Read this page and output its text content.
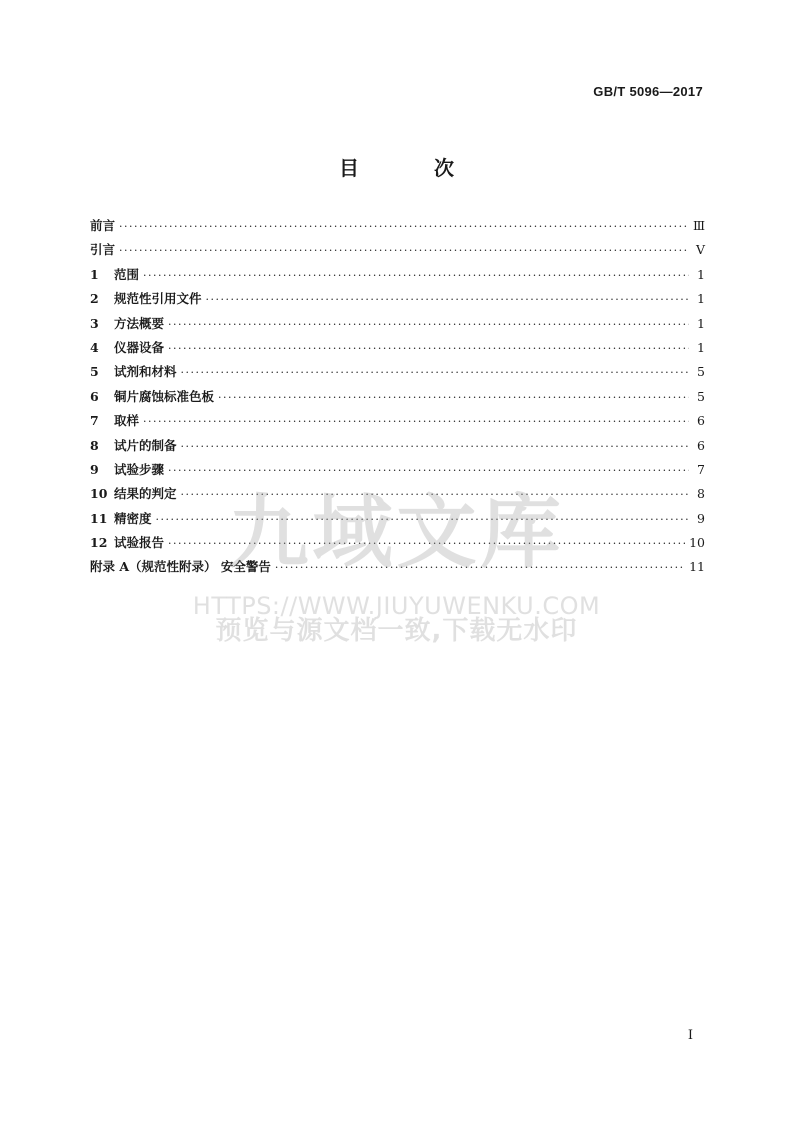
GB/T 5096—2017
目 次
前言 ·····	Ⅲ
引言 ·····	Ⅴ
1	范围 ·····	1
2	规范性引用文件 ·····	1
3	方法概要 ·····	1
4	仪器设备 ·····	1
5	试剂和材料 ·····	5
6	铜片腐蚀标准色板 ·····	5
7	取样 ·····	6
8	试片的制备 ·····	6
9	试验步骤 ·····	7
10 结果的判定 ·····	8
11 精密度 ·····	9
12 试验报告 ·····	10
附录 A（规范性附录） 安全警告 ·····	11
九域文库
HTTPS://WWW.JIUYUWENKU.COM
预览与源文档一致,下载无水印
I
